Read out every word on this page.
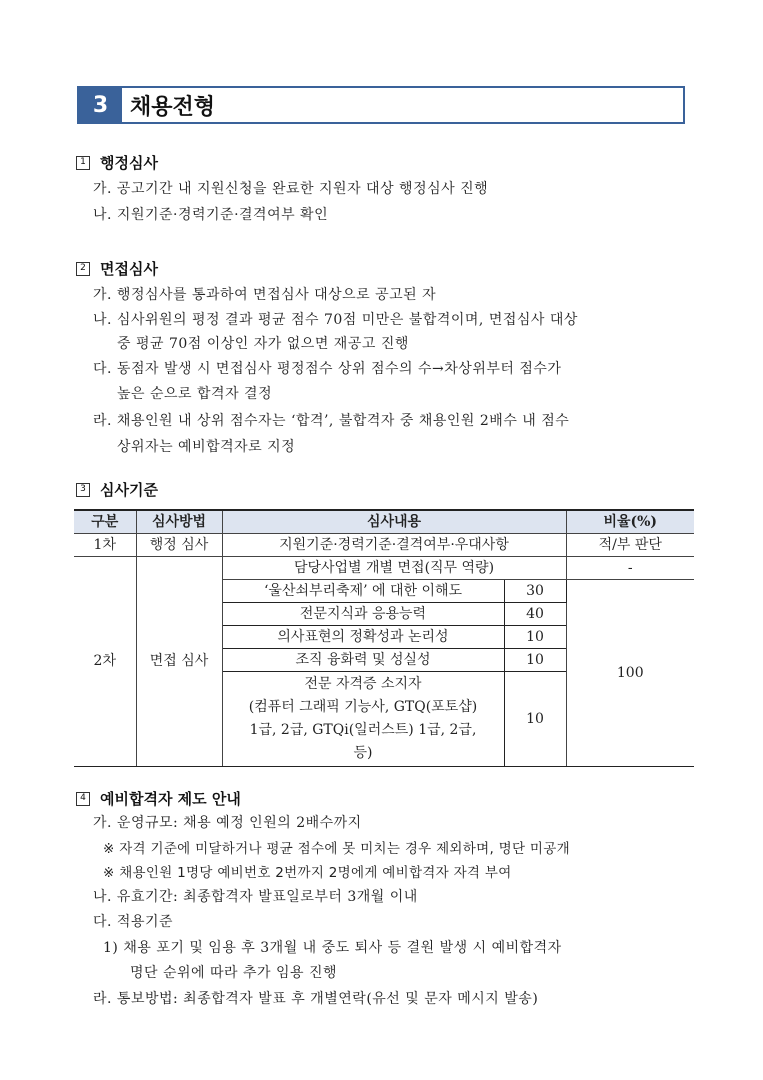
3 채용전형
1 행정심사
가. 공고기간 내 지원신청을 완료한 지원자 대상 행정심사 진행
나. 지원기준·경력기준·결격여부 확인
2 면접심사
가. 행정심사를 통과하여 면접심사 대상으로 공고된 자
나. 심사위원의 평정 결과 평균 점수 70점 미만은 불합격이며, 면접심사 대상
중 평균 70점 이상인 자가 없으면 재공고 진행
다. 동점자 발생 시 면접심사 평정점수 상위 점수의 수→차상위부터 점수가
높은 순으로 합격자 결정
라. 채용인원 내 상위 점수자는 ‘합격’, 불합격자 중 채용인원 2배수 내 점수
상위자는 예비합격자로 지정
3 심사기준
구분	심사방법	심사내용		비율(%)
1차	행정 심사	지원기준·경력기준·결격여부·우대사항		적/부 판단
2차	면접 심사	담당사업별 개별 면접(직무 역량)		-
		‘울산쇠부리축제’ 에 대한 이해도	30	100
		전문지식과 응용능력	40	
		의사표현의 정확성과 논리성	10	
		조직 융화력 및 성실성	10	

		전문 자격증 소지자
(컴퓨터 그래픽 기능사, GTQ(포토샵)
1급, 2급, GTQi(일러스트) 1급, 2급,
등)	10	
4 예비합격자 제도 안내
가. 운영규모: 채용 예정 인원의 2배수까지
※ 자격 기준에 미달하거나 평균 점수에 못 미치는 경우 제외하며, 명단 미공개
※ 채용인원 1명당 예비번호 2번까지 2명에게 예비합격자 자격 부여
나. 유효기간: 최종합격자 발표일로부터 3개월 이내
다. 적용기준
1) 채용 포기 및 임용 후 3개월 내 중도 퇴사 등 결원 발생 시 예비합격자
명단 순위에 따라 추가 임용 진행
라. 통보방법: 최종합격자 발표 후 개별연락(유선 및 문자 메시지 발송)
